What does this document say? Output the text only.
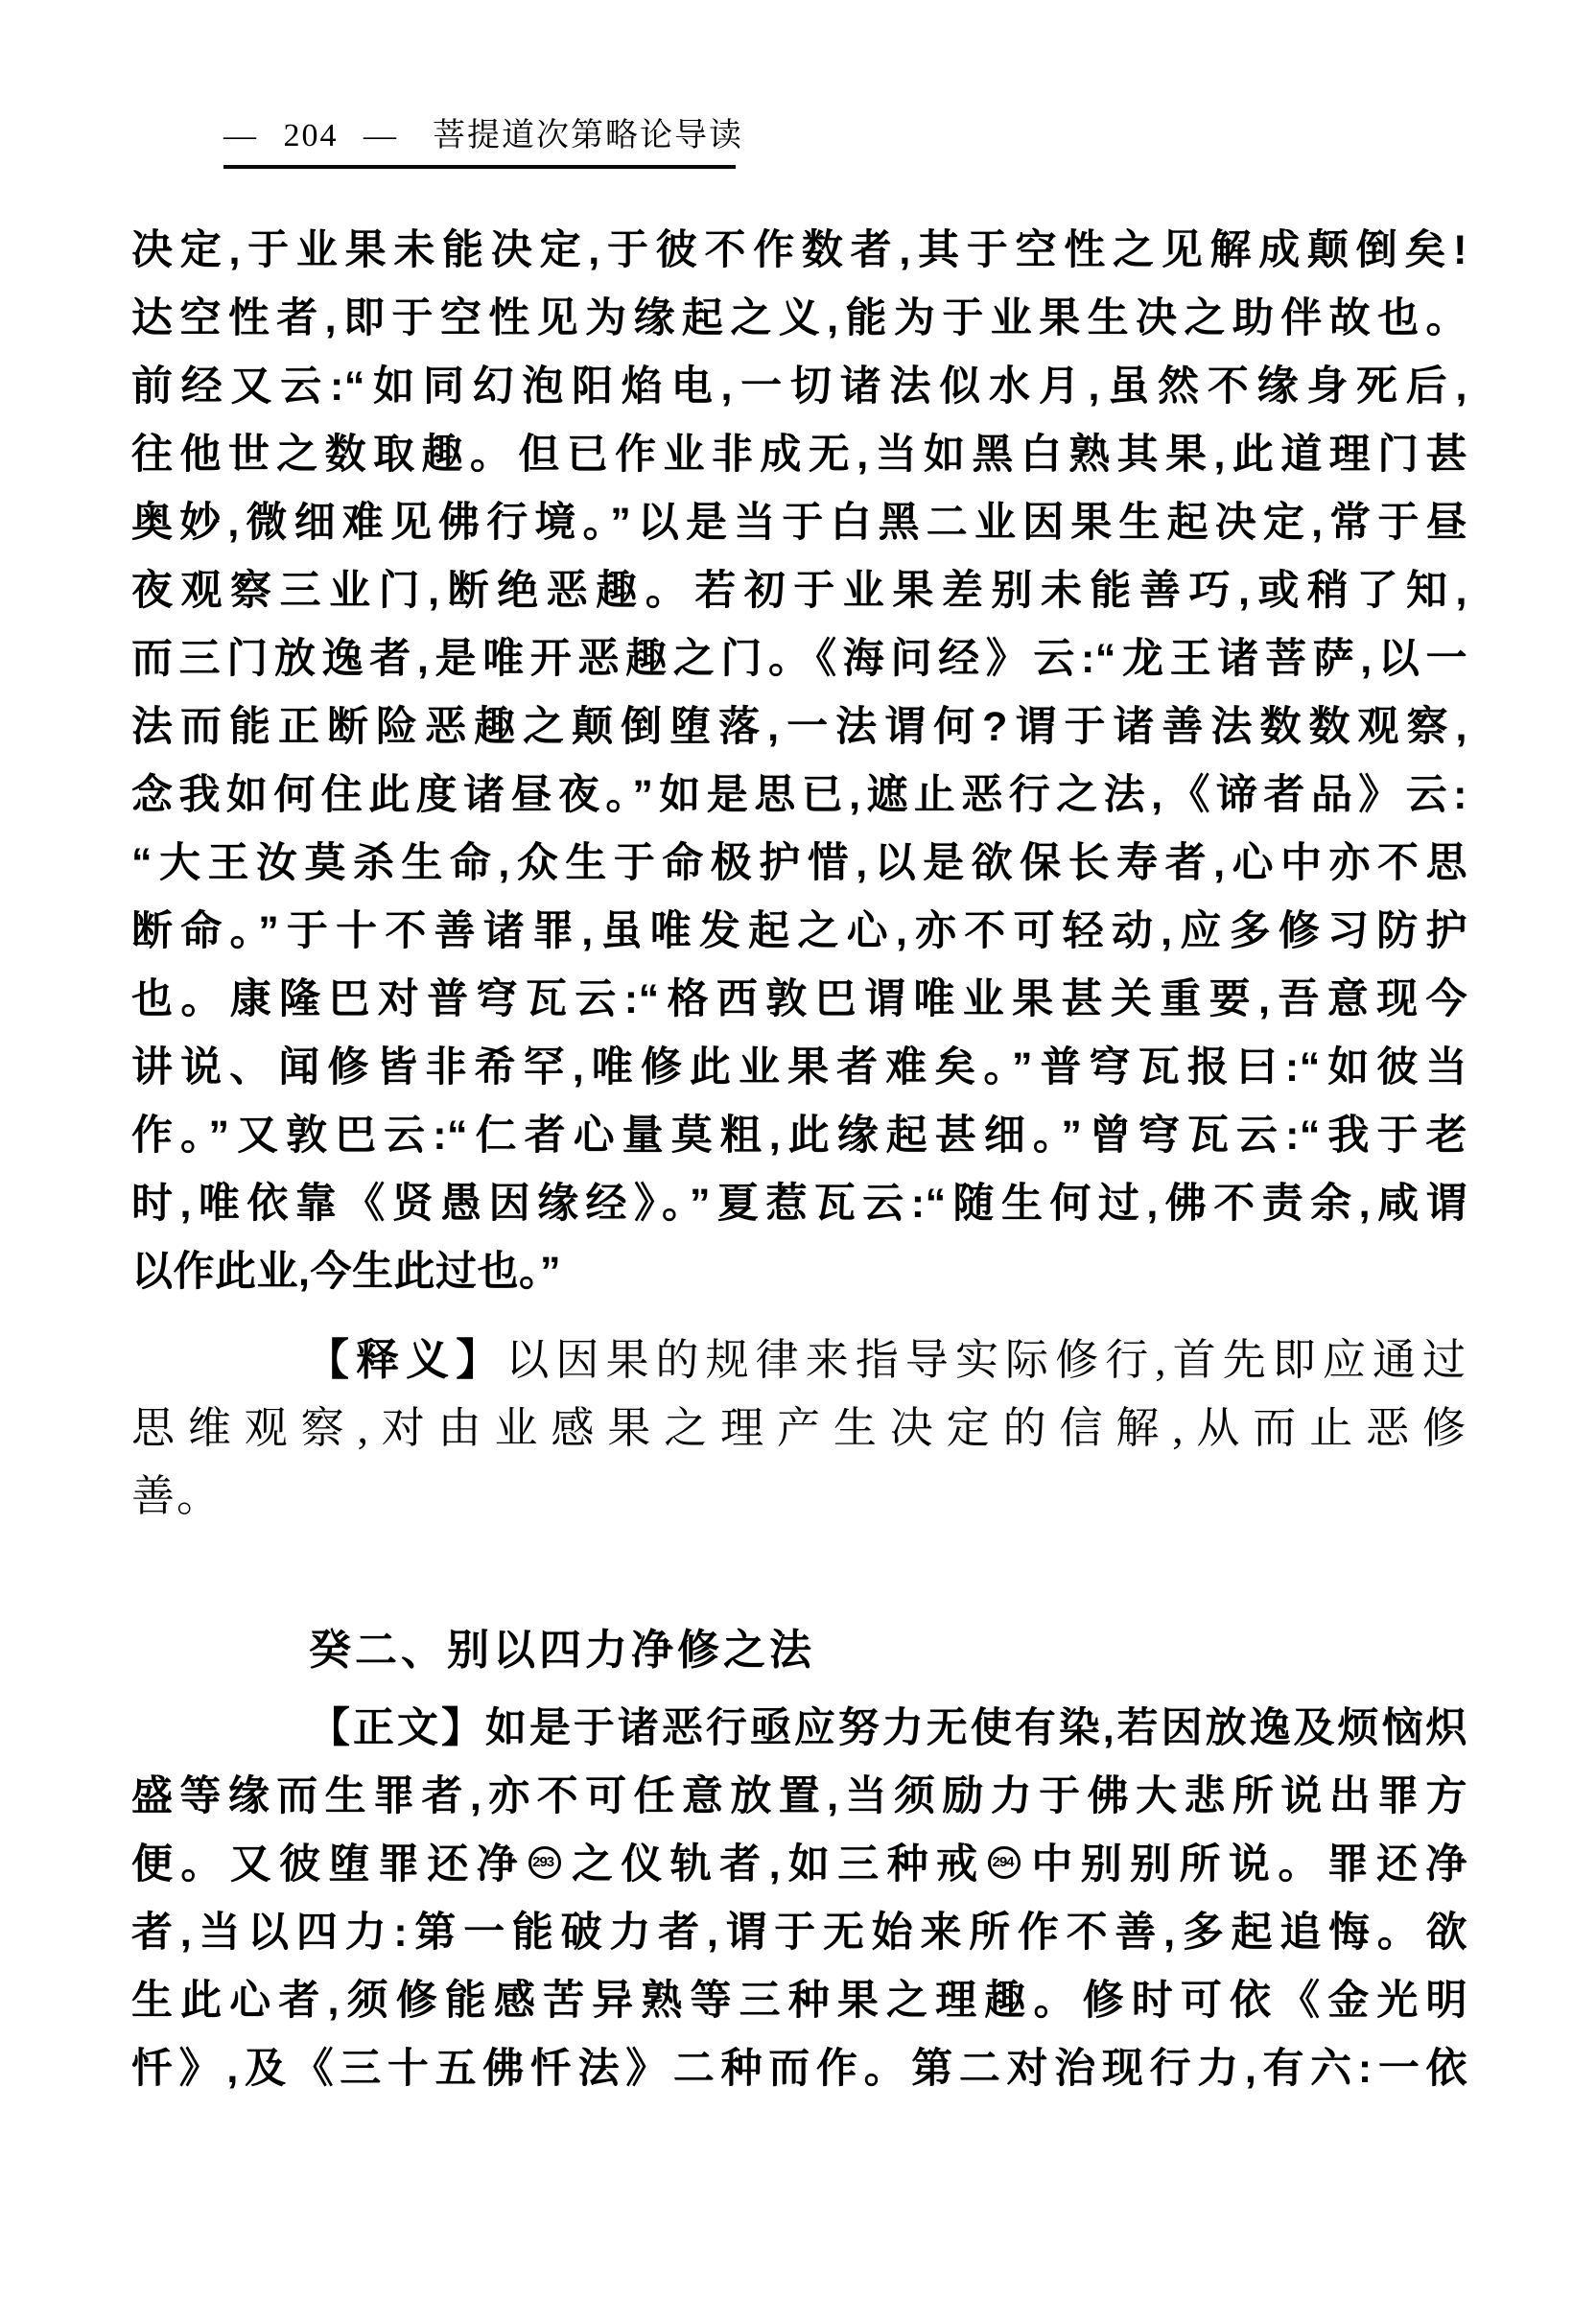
— 204 — 菩提道次第略论导读
决定,于业果未能决定,于彼不作数者,其于空性之见解成颠倒矣!
达空性者,即于空性见为缘起之义,能为于业果生决之助伴故也。
前经又云:“如同幻泡阳焰电,一切诸法似水月,虽然不缘身死后,
往他世之数取趣。但已作业非成无,当如黑白熟其果,此道理门甚
奥妙,微细难见佛行境。”以是当于白黑二业因果生起决定,常于昼
夜观察三业门,断绝恶趣。若初于业果差别未能善巧,或稍了知,
而三门放逸者,是唯开恶趣之门。《海问经》云:“龙王诸菩萨,以一
法而能正断险恶趣之颠倒堕落,一法谓何?谓于诸善法数数观察,
念我如何住此度诸昼夜。”如是思已,遮止恶行之法,《谛者品》云:
“大王汝莫杀生命,众生于命极护惜,以是欲保长寿者,心中亦不思
断命。”于十不善诸罪,虽唯发起之心,亦不可轻动,应多修习防护
也。康隆巴对普穹瓦云:“格西敦巴谓唯业果甚关重要,吾意现今
讲说、闻修皆非希罕,唯修此业果者难矣。”普穹瓦报曰:“如彼当
作。”又敦巴云:“仁者心量莫粗,此缘起甚细。”曾穹瓦云:“我于老
时,唯依靠《贤愚因缘经》。”夏惹瓦云:“随生何过,佛不责余,咸谓
以作此业,今生此过也。”
【释义】以因果的规律来指导实际修行,首先即应通过
思维观察,对由业感果之理产生决定的信解,从而止恶修
善。
癸二、别以四力净修之法
【正文】如是于诸恶行亟应努力无使有染,若因放逸及烦恼炽
盛等缘而生罪者,亦不可任意放置,当须励力于佛大悲所说出罪方
便。又彼堕罪还净 293 之仪轨者,如三种戒 294 中别别所说。罪还净
者,当以四力:第一能破力者,谓于无始来所作不善,多起追悔。欲
生此心者,须修能感苦异熟等三种果之理趣。修时可依《金光明
忏》,及《三十五佛忏法》二种而作。第二对治现行力,有六:一依
